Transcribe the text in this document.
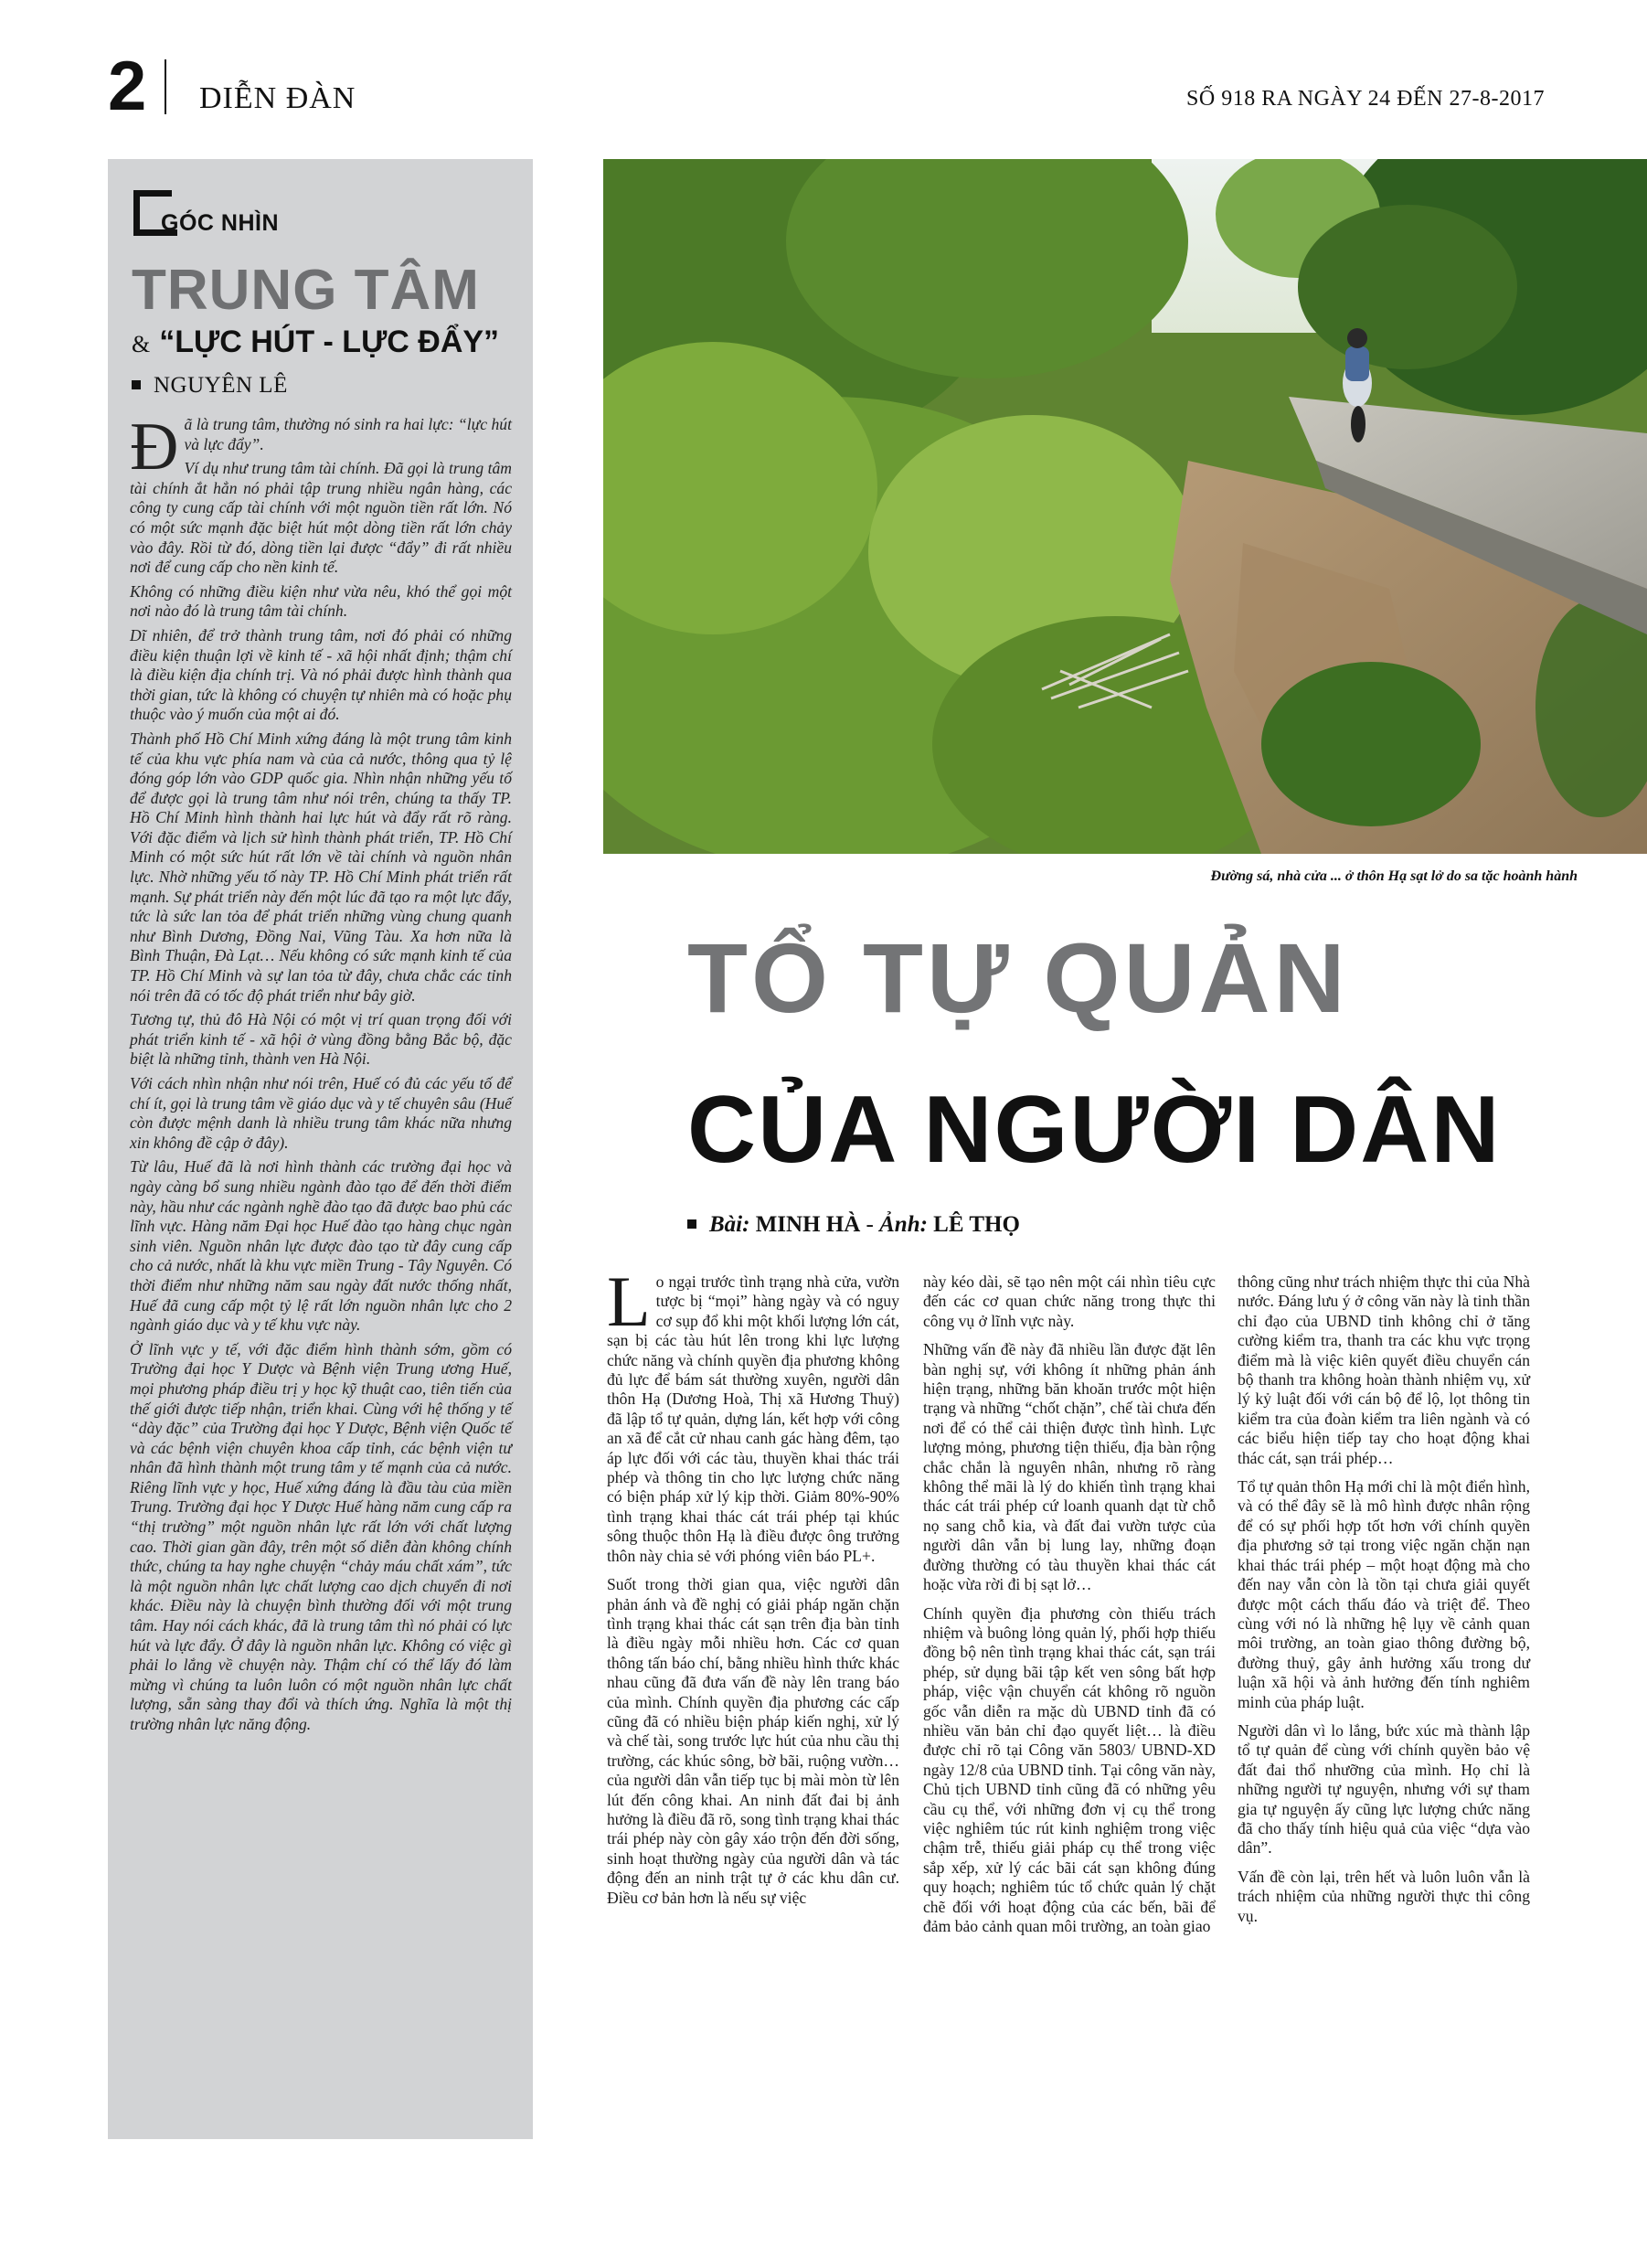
2 DIỄN ĐÀN	SỐ 918 RA NGÀY 24 ĐẾN 27-8-2017
GÓC NHÌN
TRUNG TÂM
& “LỰC HÚT - LỰC ĐẨY”
NGUYÊN LÊ

Đã là trung tâm, thường nó sinh ra hai lực: “lực hút và lực đẩy”.

Ví dụ như trung tâm tài chính. Đã gọi là trung tâm tài chính ắt hẳn nó phải tập trung nhiều ngân hàng, các công ty cung cấp tài chính với một nguồn tiền rất lớn. Nó có một sức mạnh đặc biệt hút một dòng tiền rất lớn chảy vào đây. Rồi từ đó, dòng tiền lại được “đẩy” đi rất nhiều nơi để cung cấp cho nền kinh tế.

Không có những điều kiện như vừa nêu, khó thể gọi một nơi nào đó là trung tâm tài chính.

Dĩ nhiên, để trở thành trung tâm, nơi đó phải có những điều kiện thuận lợi về kinh tế - xã hội nhất định; thậm chí là điều kiện địa chính trị. Và nó phải được hình thành qua thời gian, tức là không có chuyện tự nhiên mà có hoặc phụ thuộc vào ý muốn của một ai đó.

Thành phố Hồ Chí Minh xứng đáng là một trung tâm kinh tế của khu vực phía nam và của cả nước, thông qua tỷ lệ đóng góp lớn vào GDP quốc gia. Nhìn nhận những yếu tố để được gọi là trung tâm như nói trên, chúng ta thấy TP. Hồ Chí Minh hình thành hai lực hút và đẩy rất rõ ràng. Với đặc điểm và lịch sử hình thành phát triển, TP. Hồ Chí Minh có một sức hút rất lớn về tài chính và nguồn nhân lực. Nhờ những yếu tố này TP. Hồ Chí Minh phát triển rất mạnh. Sự phát triển này đến một lúc đã tạo ra một lực đẩy, tức là sức lan tỏa để phát triển những vùng chung quanh như Bình Dương, Đồng Nai, Vũng Tàu. Xa hơn nữa là Bình Thuận, Đà Lạt… Nếu không có sức mạnh kinh tế của TP. Hồ Chí Minh và sự lan tỏa từ đây, chưa chắc các tỉnh nói trên đã có tốc độ phát triển như bây giờ.

Tương tự, thủ đô Hà Nội có một vị trí quan trọng đối với phát triển kinh tế - xã hội ở vùng đồng bằng Bắc bộ, đặc biệt là những tỉnh, thành ven Hà Nội.

Với cách nhìn nhận như nói trên, Huế có đủ các yếu tố để chí ít, gọi là trung tâm về giáo dục và y tế chuyên sâu (Huế còn được mệnh danh là nhiều trung tâm khác nữa nhưng xin không đề cập ở đây).

Từ lâu, Huế đã là nơi hình thành các trường đại học và ngày càng bổ sung nhiều ngành đào tạo để đến thời điểm này, hầu như các ngành nghề đào tạo đã được bao phủ các lĩnh vực. Hàng năm Đại học Huế đào tạo hàng chục ngàn sinh viên. Nguồn nhân lực được đào tạo từ đây cung cấp cho cả nước, nhất là khu vực miền Trung - Tây Nguyên. Có thời điểm như những năm sau ngày đất nước thống nhất, Huế đã cung cấp một tỷ lệ rất lớn nguồn nhân lực cho 2 ngành giáo dục và y tế khu vực này.

Ở lĩnh vực y tế, với đặc điểm hình thành sớm, gồm có Trường đại học Y Dược và Bệnh viện Trung ương Huế, mọi phương pháp điều trị y học kỹ thuật cao, tiên tiến của thế giới được tiếp nhận, triển khai. Cùng với hệ thống y tế “dày đặc” của Trường đại học Y Dược, Bệnh viện Quốc tế và các bệnh viện chuyên khoa cấp tỉnh, các bệnh viện tư nhân đã hình thành một trung tâm y tế mạnh của cả nước. Riêng lĩnh vực y học, Huế xứng đáng là đầu tàu của miền Trung. Trường đại học Y Dược Huế hàng năm cung cấp ra “thị trường” một nguồn nhân lực rất lớn với chất lượng cao. Thời gian gần đây, trên một số diễn đàn không chính thức, chúng ta hay nghe chuyện “chảy máu chất xám”, tức là một nguồn nhân lực chất lượng cao dịch chuyển đi nơi khác. Điều này là chuyện bình thường đối với một trung tâm. Hay nói cách khác, đã là trung tâm thì nó phải có lực hút và lực đẩy. Ở đây là nguồn nhân lực. Không có việc gì phải lo lắng về chuyện này. Thậm chí có thể lấy đó làm mừng vì chúng ta luôn luôn có một nguồn nhân lực chất lượng, sẵn sàng thay đổi và thích ứng. Nghĩa là một thị trường nhân lực năng động.

Đường sá, nhà cửa ... ở thôn Hạ sạt lở do sa tặc hoành hành
TỔ TỰ QUẢN
CỦA NGƯỜI DÂN
Bài: MINH HÀ - Ảnh: LÊ THỌ

Lo ngại trước tình trạng nhà cửa, vườn tược bị “mọi” hàng ngày và có nguy cơ sụp đổ khi một khối lượng lớn cát, sạn bị các tàu hút lên trong khi lực lượng chức năng và chính quyền địa phương không đủ lực để bám sát thường xuyên, người dân thôn Hạ (Dương Hoà, Thị xã Hương Thuỷ) đã lập tổ tự quản, dựng lán, kết hợp với công an xã để cắt cử nhau canh gác hàng đêm, tạo áp lực đối với các tàu, thuyền khai thác trái phép và thông tin cho lực lượng chức năng có biện pháp xử lý kịp thời. Giảm 80%-90% tình trạng khai thác cát trái phép tại khúc sông thuộc thôn Hạ là điều được ông trưởng thôn này chia sẻ với phóng viên báo PL+.

Suốt trong thời gian qua, việc người dân phản ánh và đề nghị có giải pháp ngăn chặn tình trạng khai thác cát sạn trên địa bàn tỉnh là điều ngày mỗi nhiều hơn. Các cơ quan thông tấn báo chí, bằng nhiều hình thức khác nhau cũng đã đưa vấn đề này lên trang báo của mình. Chính quyền địa phương các cấp cũng đã có nhiều biện pháp kiến nghị, xử lý và chế tài, song trước lực hút của nhu cầu thị trường, các khúc sông, bờ bãi, ruộng vườn… của người dân vẫn tiếp tục bị mài mòn từ lên lút đến công khai. An ninh đất đai bị ảnh hưởng là điều đã rõ, song tình trạng khai thác trái phép này còn gây xáo trộn đến đời sống, sinh hoạt thường ngày của người dân và tác động đến an ninh trật tự ở các khu dân cư. Điều cơ bản hơn là nếu sự việc

này kéo dài, sẽ tạo nên một cái nhìn tiêu cực đến các cơ quan chức năng trong thực thi công vụ ở lĩnh vực này.

Những vấn đề này đã nhiều lần được đặt lên bàn nghị sự, với không ít những phản ánh hiện trạng, những băn khoăn trước một hiện trạng và những “chốt chặn”, chế tài chưa đến nơi để có thể cải thiện được tình hình. Lực lượng mỏng, phương tiện thiếu, địa bàn rộng chắc chắn là nguyên nhân, nhưng rõ ràng không thể mãi là lý do khiến tình trạng khai thác cát trái phép cứ loanh quanh dạt từ chỗ nọ sang chỗ kia, và đất đai vườn tược của người dân vẫn bị lung lay, những đoạn đường thường có tàu thuyền khai thác cát hoặc vừa rời đi bị sạt lở…

Chính quyền địa phương còn thiếu trách nhiệm và buông lỏng quản lý, phối hợp thiếu đồng bộ nên tình trạng khai thác cát, sạn trái phép, sử dụng bãi tập kết ven sông bất hợp pháp, việc vận chuyển cát không rõ nguồn gốc vẫn diễn ra mặc dù UBND tỉnh đã có nhiều văn bản chỉ đạo quyết liệt… là điều được chỉ rõ tại Công văn 5803/ UBND-XD ngày 12/8 của UBND tỉnh. Tại công văn này, Chủ tịch UBND tỉnh cũng đã có những yêu cầu cụ thể, với những đơn vị cụ thể trong việc nghiêm túc rút kinh nghiệm trong việc chậm trễ, thiếu giải pháp cụ thể trong việc sắp xếp, xử lý các bãi cát sạn không đúng quy hoạch; nghiêm túc tổ chức quản lý chặt chẽ đối với hoạt động của các bến, bãi để đảm bảo cảnh quan môi trường, an toàn giao

thông cũng như trách nhiệm thực thi của Nhà nước. Đáng lưu ý ở công văn này là tinh thần chỉ đạo của UBND tỉnh không chỉ ở tăng cường kiểm tra, thanh tra các khu vực trọng điểm mà là việc kiên quyết điều chuyển cán bộ thanh tra không hoàn thành nhiệm vụ, xử lý kỷ luật đối với cán bộ để lộ, lọt thông tin kiểm tra của đoàn kiểm tra liên ngành và có các biểu hiện tiếp tay cho hoạt động khai thác cát, sạn trái phép…

Tổ tự quản thôn Hạ mới chỉ là một điển hình, và có thể đây sẽ là mô hình được nhân rộng để có sự phối hợp tốt hơn với chính quyền địa phương sở tại trong việc ngăn chặn nạn khai thác trái phép – một hoạt động mà cho đến nay vẫn còn là tồn tại chưa giải quyết được một cách thấu đáo và triệt để. Theo cùng với nó là những hệ lụy về cảnh quan môi trường, an toàn giao thông đường bộ, đường thuỷ, gây ảnh hưởng xấu trong dư luận xã hội và ảnh hưởng đến tính nghiêm minh của pháp luật.

Người dân vì lo lắng, bức xúc mà thành lập tổ tự quản để cùng với chính quyền bảo vệ đất đai thổ nhưỡng của mình. Họ chỉ là những người tự nguyện, nhưng với sự tham gia tự nguyện ấy cũng lực lượng chức năng đã cho thấy tính hiệu quả của việc “dựa vào dân”.

Vấn đề còn lại, trên hết và luôn luôn vẫn là trách nhiệm của những người thực thi công vụ.
